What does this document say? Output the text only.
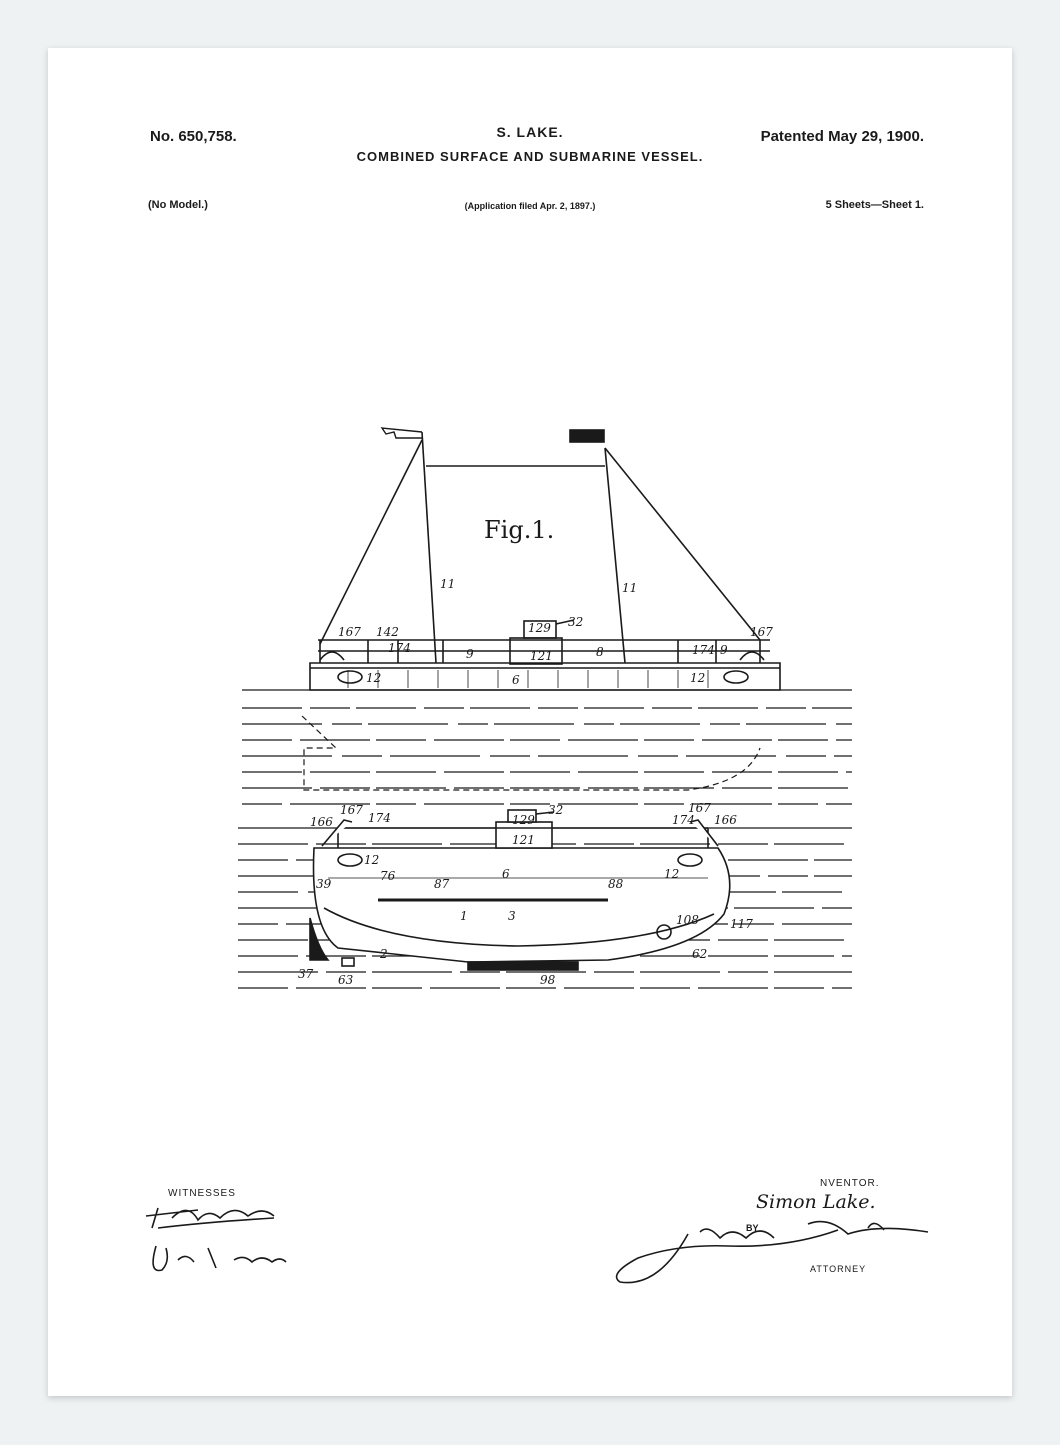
No. 650,758.	S. LAKE.
COMBINED SURFACE AND SUBMARINE VESSEL.
Patented May 29, 1900.
(No Model.)	(Application filed Apr. 2, 1897.)	5 Sheets—Sheet 1.
167 142
174
12
9
129 32
121	8
6
11	11
174 9
167
12
167
166	174	129
32
121
174
167
166
12
76
87
6
88
12
39
1	3	108	117
2	62
37 63	98
Fig.1.
WITNESSES
NVENTOR.
Simon Lake.
BY
ATTORNEY
